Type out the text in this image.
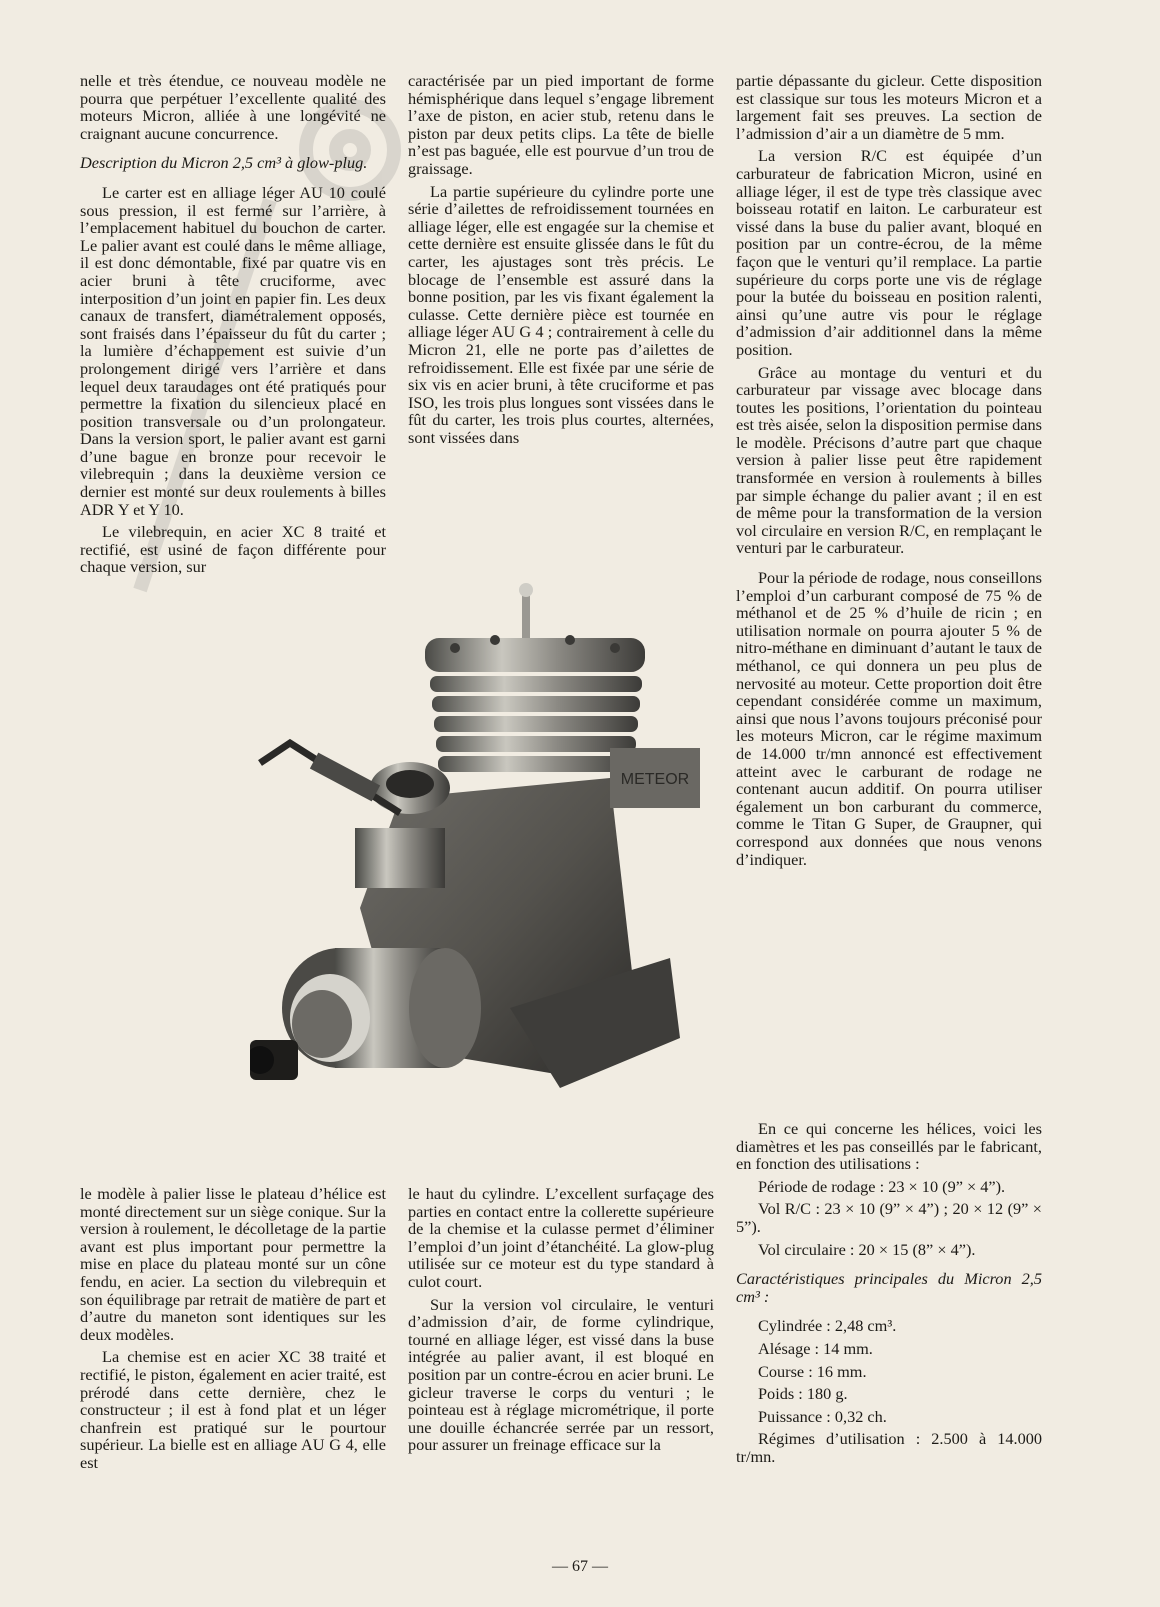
nelle et très étendue, ce nouveau modèle ne pourra que perpétuer l’excellente qualité des moteurs Micron, alliée à une longévité ne craignant aucune concurrence.

Description du Micron 2,5 cm³ à glow-plug.

Le carter est en alliage léger AU 10 coulé sous pression, il est fermé sur l’arrière, à l’emplacement habituel du bouchon de carter. Le palier avant est coulé dans le même alliage, il est donc démontable, fixé par quatre vis en acier bruni à tête cruciforme, avec interposition d’un joint en papier fin. Les deux canaux de transfert, diamétralement opposés, sont fraisés dans l’épaisseur du fût du carter ; la lumière d’échappement est suivie d’un prolongement dirigé vers l’arrière et dans lequel deux taraudages ont été pratiqués pour permettre la fixation du silencieux placé en position transversale ou d’un prolongateur. Dans la version sport, le palier avant est garni d’une bague en bronze pour recevoir le vilebrequin ; dans la deuxième version ce dernier est monté sur deux roulements à billes ADR Y et Y 10.

Le vilebrequin, en acier XC 8 traité et rectifié, est usiné de façon différente pour chaque version, sur

caractérisée par un pied important de forme hémisphérique dans lequel s’engage librement l’axe de piston, en acier stub, retenu dans le piston par deux petits clips. La tête de bielle n’est pas baguée, elle est pourvue d’un trou de graissage.

La partie supérieure du cylindre porte une série d’ailettes de refroidissement tournées en alliage léger, elle est engagée sur la chemise et cette dernière est ensuite glissée dans le fût du carter, les ajustages sont très précis. Le blocage de l’ensemble est assuré dans la bonne position, par les vis fixant également la culasse. Cette dernière pièce est tournée en alliage léger AU G 4 ; contrairement à celle du Micron 21, elle ne porte pas d’ailettes de refroidissement. Elle est fixée par une série de six vis en acier bruni, à tête cruciforme et pas ISO, les trois plus longues sont vissées dans le fût du carter, les trois plus courtes, alternées, sont vissées dans

partie dépassante du gicleur. Cette disposition est classique sur tous les moteurs Micron et a largement fait ses preuves. La section de l’admission d’air a un diamètre de 5 mm.

La version R/C est équipée d’un carburateur de fabrication Micron, usiné en alliage léger, il est de type très classique avec boisseau rotatif en laiton. Le carburateur est vissé dans la buse du palier avant, bloqué en position par un contre-écrou, de la même façon que le venturi qu’il remplace. La partie supérieure du corps porte une vis de réglage pour la butée du boisseau en position ralenti, ainsi qu’une autre vis pour le réglage d’admission d’air additionnel dans la même position.

Grâce au montage du venturi et du carburateur par vissage avec blocage dans toutes les positions, l’orientation du pointeau est très aisée, selon la disposition permise dans le modèle. Précisons d’autre part que chaque version à palier lisse peut être rapidement transformée en version à roulements à billes par simple échange du palier avant ; il en est de même pour la transformation de la version vol circulaire en version R/C, en remplaçant le venturi par le carburateur.

Pour la période de rodage, nous conseillons l’emploi d’un carburant composé de 75 % de méthanol et de 25 % d’huile de ricin ; en utilisation normale on pourra ajouter 5 % de nitro-méthane en diminuant d’autant le taux de méthanol, ce qui donnera un peu plus de nervosité au moteur. Cette proportion doit être cependant considérée comme un maximum, ainsi que nous l’avons toujours préconisé pour les moteurs Micron, car le régime maximum de 14.000 tr/mn annoncé est effectivement atteint avec le carburant de rodage ne contenant aucun additif. On pourra utiliser également un bon carburant du commerce, comme le Titan G Super, de Graupner, qui correspond aux données que nous venons d’indiquer.

METEOR

le modèle à palier lisse le plateau d’hélice est monté directement sur un siège conique. Sur la version à roulement, le décolletage de la partie avant est plus important pour permettre la mise en place du plateau monté sur un cône fendu, en acier. La section du vilebrequin et son équilibrage par retrait de matière de part et d’autre du maneton sont identiques sur les deux modèles.

La chemise est en acier XC 38 traité et rectifié, le piston, également en acier traité, est prérodé dans cette dernière, chez le constructeur ; il est à fond plat et un léger chanfrein est pratiqué sur le pourtour supérieur. La bielle est en alliage AU G 4, elle est

le haut du cylindre. L’excellent surfaçage des parties en contact entre la collerette supérieure de la chemise et la culasse permet d’éliminer l’emploi d’un joint d’étanchéité. La glow-plug utilisée sur ce moteur est du type standard à culot court.

Sur la version vol circulaire, le venturi d’admission d’air, de forme cylindrique, tourné en alliage léger, est vissé dans la buse intégrée au palier avant, il est bloqué en position par un contre-écrou en acier bruni. Le gicleur traverse le corps du venturi ; le pointeau est à réglage micrométrique, il porte une douille échancrée serrée par un ressort, pour assurer un freinage efficace sur la

En ce qui concerne les hélices, voici les diamètres et les pas conseillés par le fabricant, en fonction des utilisations :

Période de rodage : 23 × 10 (9” × 4”).

Vol R/C : 23 × 10 (9” × 4”) ; 20 × 12 (9” × 5”).

Vol circulaire : 20 × 15 (8” × 4”).

Caractéristiques principales du Micron 2,5 cm³ :

Cylindrée : 2,48 cm³.

Alésage : 14 mm.

Course : 16 mm.

Poids : 180 g.

Puissance : 0,32 ch.

Régimes d’utilisation : 2.500 à 14.000 tr/mn.

— 67 —
